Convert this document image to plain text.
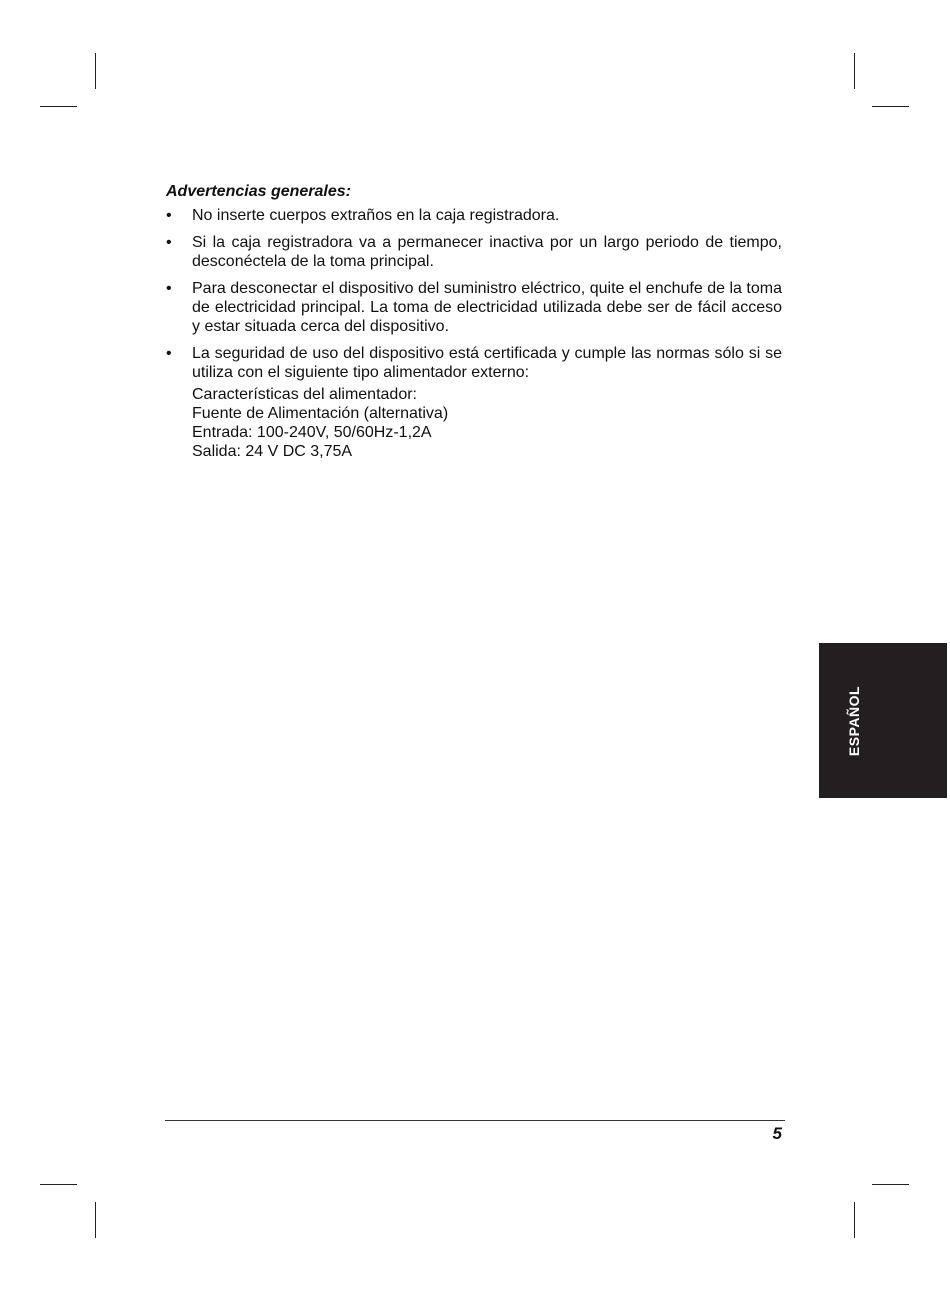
Advertencias generales:
• No inserte cuerpos extraños en la caja registradora.
• Si la caja registradora va a permanecer inactiva por un largo periodo de tiempo, desconéctela de la toma principal.
• Para desconectar el dispositivo del suministro eléctrico, quite el enchufe de la toma de electricidad principal. La toma de electricidad utilizada debe ser de fácil acceso y estar situada cerca del dispositivo.
• La seguridad de uso del dispositivo está certificada y cumple las normas sólo si se utiliza con el siguiente tipo alimentador externo:
Características del alimentador:
Fuente de Alimentación (alternativa)
Entrada: 100-240V, 50/60Hz-1,2A
Salida: 24 V DC 3,75A
ESPAÑOL
5
